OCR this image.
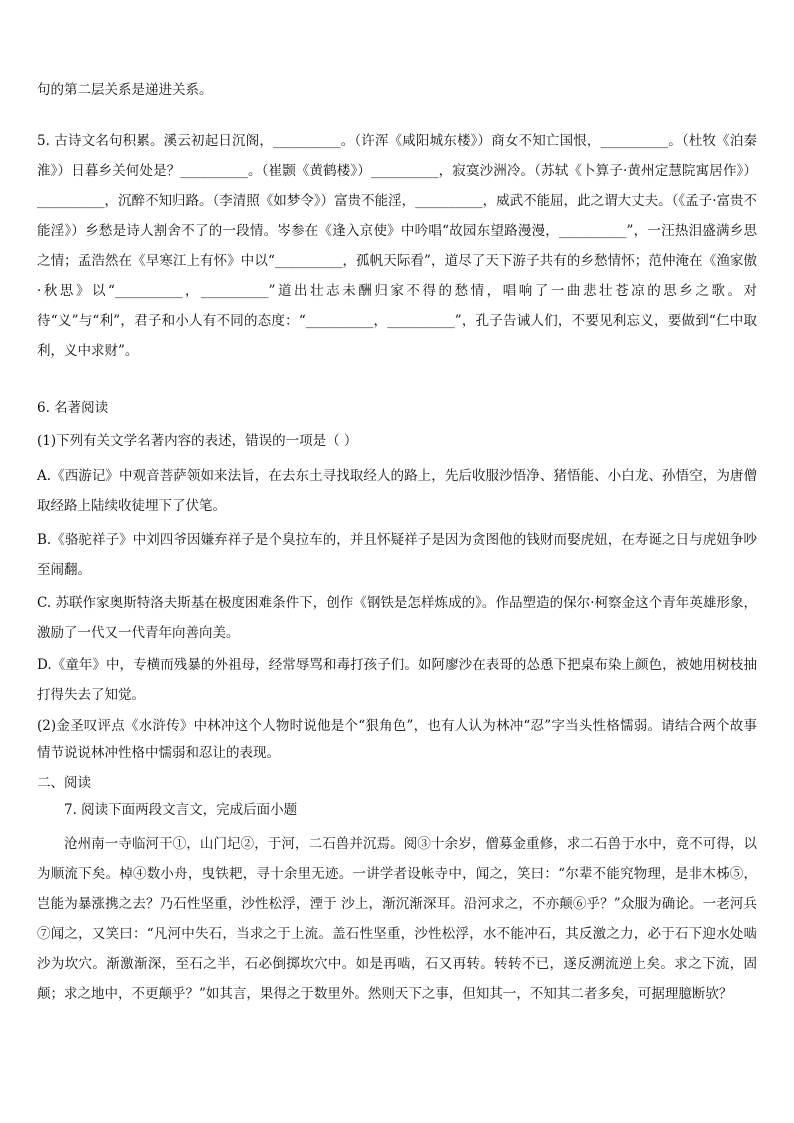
句的第二层关系是递进关系。

5. 古诗文名句积累。溪云初起日沉阁，__________。（许浑《咸阳城东楼》）商女不知亡国恨，__________。（杜牧《泊秦淮》）日暮乡关何处是？__________。（崔颢《黄鹤楼》）__________，寂寞沙洲冷。（苏轼《卜算子·黄州定慧院寓居作》）__________，沉醉不知归路。（李清照《如梦令》）富贵不能淫，__________，威武不能屈，此之谓大丈夫。（《孟子·富贵不能淫》）乡愁是诗人割舍不了的一段情。岑参在《逢入京使》中吟唱“故园东望路漫漫，__________”，一汪热泪盛满乡思之情；孟浩然在《早寒江上有怀》中以“__________，孤帆天际看”，道尽了天下游子共有的乡愁情怀；范仲淹在《渔家傲·秋思》以“__________，__________”道出壮志未酬归家不得的愁情，唱响了一曲悲壮苍凉的思乡之歌。对待“义”与“利”，君子和小人有不同的态度：“__________，__________”，孔子告诫人们，不要见利忘义，要做到“仁中取利，义中求财”。

6. 名著阅读

(1)下列有关文学名著内容的表述，错误的一项是（ ）

A.《西游记》中观音菩萨领如来法旨，在去东土寻找取经人的路上，先后收服沙悟净、猪悟能、小白龙、孙悟空，为唐僧取经路上陆续收徒埋下了伏笔。

B.《骆驼祥子》中刘四爷因嫌弃祥子是个臭拉车的，并且怀疑祥子是因为贪图他的钱财而娶虎妞，在寿诞之日与虎妞争吵至闹翻。

C. 苏联作家奥斯特洛夫斯基在极度困难条件下，创作《钢铁是怎样炼成的》。作品塑造的保尔·柯察金这个青年英雄形象，激励了一代又一代青年向善向美。

D.《童年》中，专横而残暴的外祖母，经常辱骂和毒打孩子们。如阿廖沙在表哥的怂恿下把桌布染上颜色，被她用树枝抽打得失去了知觉。

(2)金圣叹评点《水浒传》中林冲这个人物时说他是个“狠角色”，也有人认为林冲“忍”字当头性格懦弱。请结合两个故事情节说说林冲性格中懦弱和忍让的表现。

二、阅读

7. 阅读下面两段文言文，完成后面小题

沧州南一寺临河干①，山门圮②，于河，二石兽并沉焉。阅③十余岁，僧募金重修，求二石兽于水中，竟不可得，以为顺流下矣。棹④数小舟，曳铁耙，寻十余里无迹。一讲学者设帐寺中，闻之，笑曰：“尔辈不能究物理，是非木柹⑤，岂能为暴涨携之去？乃石性坚重，沙性松浮，湮于 沙上，渐沉渐深耳。沿河求之，不亦颠⑥乎？”众服为确论。一老河兵⑦闻之，又笑曰：“凡河中失石，当求之于上流。盖石性坚重，沙性松浮，水不能冲石，其反激之力，必于石下迎水处啮沙为坎穴。渐激渐深，至石之半，石必倒掷坎穴中。如是再啮，石又再转。转转不已，遂反溯流逆上矣。求之下流，固颠；求之地中，不更颠乎？”如其言，果得之于数里外。然则天下之事，但知其一，不知其二者多矣，可据理臆断欤？
